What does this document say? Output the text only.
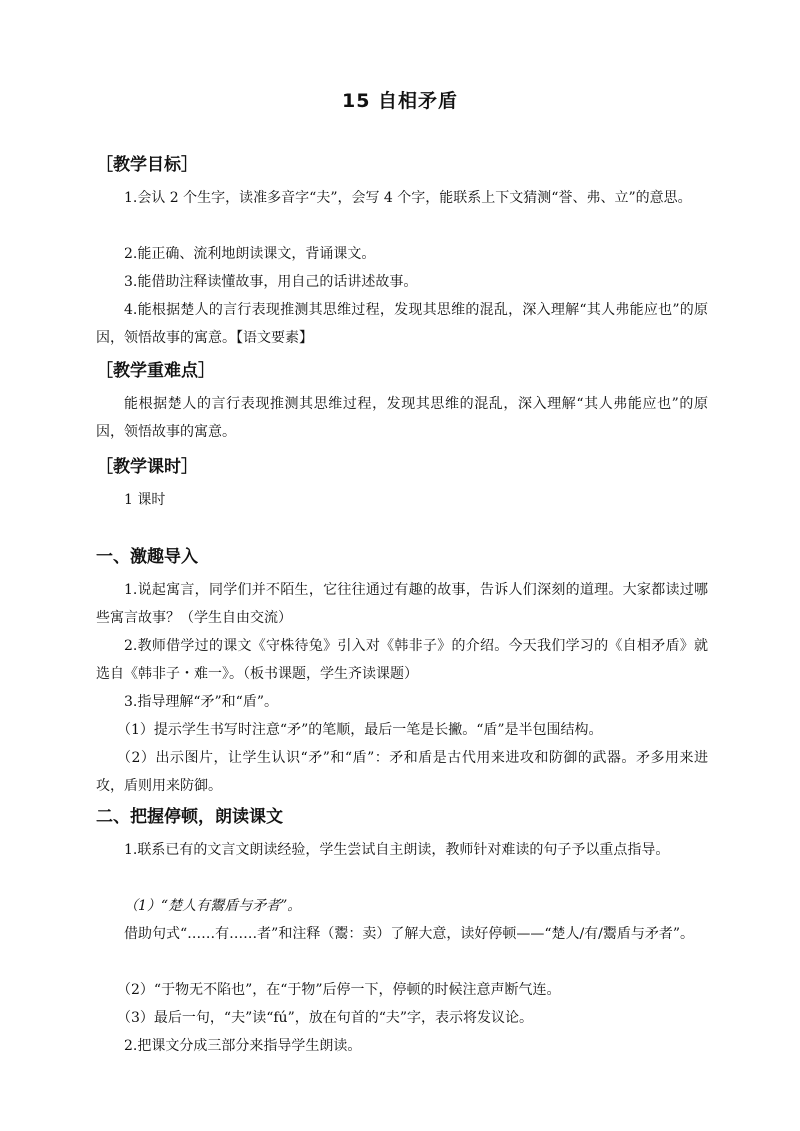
15 自相矛盾
［教学目标］
1.会认 2 个生字，读准多音字“夫”，会写 4 个字，能联系上下文猜测“誉、弗、立”的意思。
2.能正确、流利地朗读课文，背诵课文。
3.能借助注释读懂故事，用自己的话讲述故事。
4.能根据楚人的言行表现推测其思维过程，发现其思维的混乱，深入理解“其人弗能应也”的原因，领悟故事的寓意。【语文要素】
［教学重难点］
能根据楚人的言行表现推测其思维过程，发现其思维的混乱，深入理解“其人弗能应也”的原因，领悟故事的寓意。
［教学课时］
1 课时
一、激趣导入
1.说起寓言，同学们并不陌生，它往往通过有趣的故事，告诉人们深刻的道理。大家都读过哪些寓言故事？（学生自由交流）
2.教师借学过的课文《守株待兔》引入对《韩非子》的介绍。今天我们学习的《自相矛盾》就选自《韩非子・难一》。（板书课题，学生齐读课题）
3.指导理解“矛”和“盾”。
（1）提示学生书写时注意“矛”的笔顺，最后一笔是长撇。“盾”是半包围结构。
（2）出示图片，让学生认识“矛”和“盾”：矛和盾是古代用来进攻和防御的武器。矛多用来进攻，盾则用来防御。
二、把握停顿，朗读课文
1.联系已有的文言文朗读经验，学生尝试自主朗读，教师针对难读的句子予以重点指导。
（1）“楚人有鬻盾与矛者”。
借助句式“……有……者”和注释（鬻：卖）了解大意，读好停顿——“楚人/有/鬻盾与矛者”。
（2）“于物无不陷也”，在“于物”后停一下，停顿的时候注意声断气连。
（3）最后一句，“夫”读“fú”，放在句首的“夫”字，表示将发议论。
2.把课文分成三部分来指导学生朗读。
